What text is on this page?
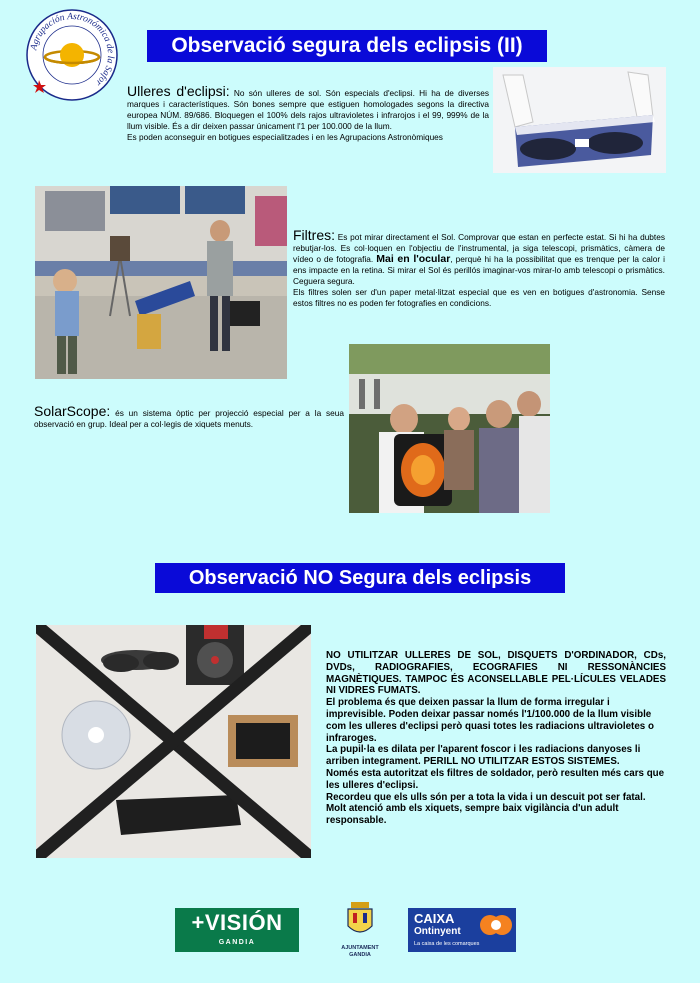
Agrupación Astronómica de la Safor
Observació segura dels eclipsis (II)
Ulleres d'eclipsi: No són ulleres de sol. Són especials d'eclipsi. Hi ha de diverses marques i característiques. Són bones sempre que estiguen homologades segons la directiva europea NÚM. 89/686. Bloquegen el 100% dels rajos ultravioletes i infrarojos i el 99, 999% de la llum visible. És a dir deixen passar únicament l'1 per 100.000 de la llum.
Es poden aconseguir en botigues especialitzades i en les Agrupacions Astronòmiques
Filtres: Es pot mirar directament el Sol. Comprovar que estan en perfecte estat. Si hi ha dubtes rebutjar-los. Es col·loquen en l'objectiu de l'instrumental, ja siga telescopi, prismàtics, càmera de vídeo o de fotografia. Mai en l'ocular, perquè hi ha la possibilitat que es trenque per la calor i ens impacte en la retina. Si mirar el Sol és perillós imaginar-vos mirar-lo amb telescopi o prismàtics. Ceguera segura.
Els filtres solen ser d'un paper metal·litzat especial que es ven en botigues d'astronomia. Sense estos filtres no es poden fer fotografies en condicions.
SolarScope: és un sistema òptic per projecció especial per a la seua observació en grup. Ideal per a col·legis de xiquets menuts.
Observació NO Segura dels eclipsis

NO UTILITZAR ULLERES DE SOL, DISQUETS D'ORDINADOR, CDs, DVDs, RADIOGRAFIES, ECOGRAFIES NI RESSONÀNCIES MAGNÈTIQUES. TAMPOC ÉS ACONSELLABLE PEL·LÍCULES VELADES NI VIDRES FUMATS.

El problema és que deixen passar la llum de forma irregular i imprevisible. Poden deixar passar només l'1/100.000 de la llum visible com les ulleres d'eclipsi però quasi totes les radiacions ultravioletes o infraroges.

La pupil·la es dilata per l'aparent foscor i les radiacions danyoses li arriben integrament. PERILL NO UTILITZAR ESTOS SISTEMES.

Només esta autoritzat els filtres de soldador, però resulten més cars que les ulleres d'eclipsi.

Recordeu que els ulls són per a tota la vida i un descuit pot ser fatal. Molt atenció amb els xiquets, sempre baix vigilància d'un adult responsable.

+VISIÓN
GANDIA
AJUNTAMENT
GANDIA
CAIXA
Ontinyent
La caixa de les comarques
